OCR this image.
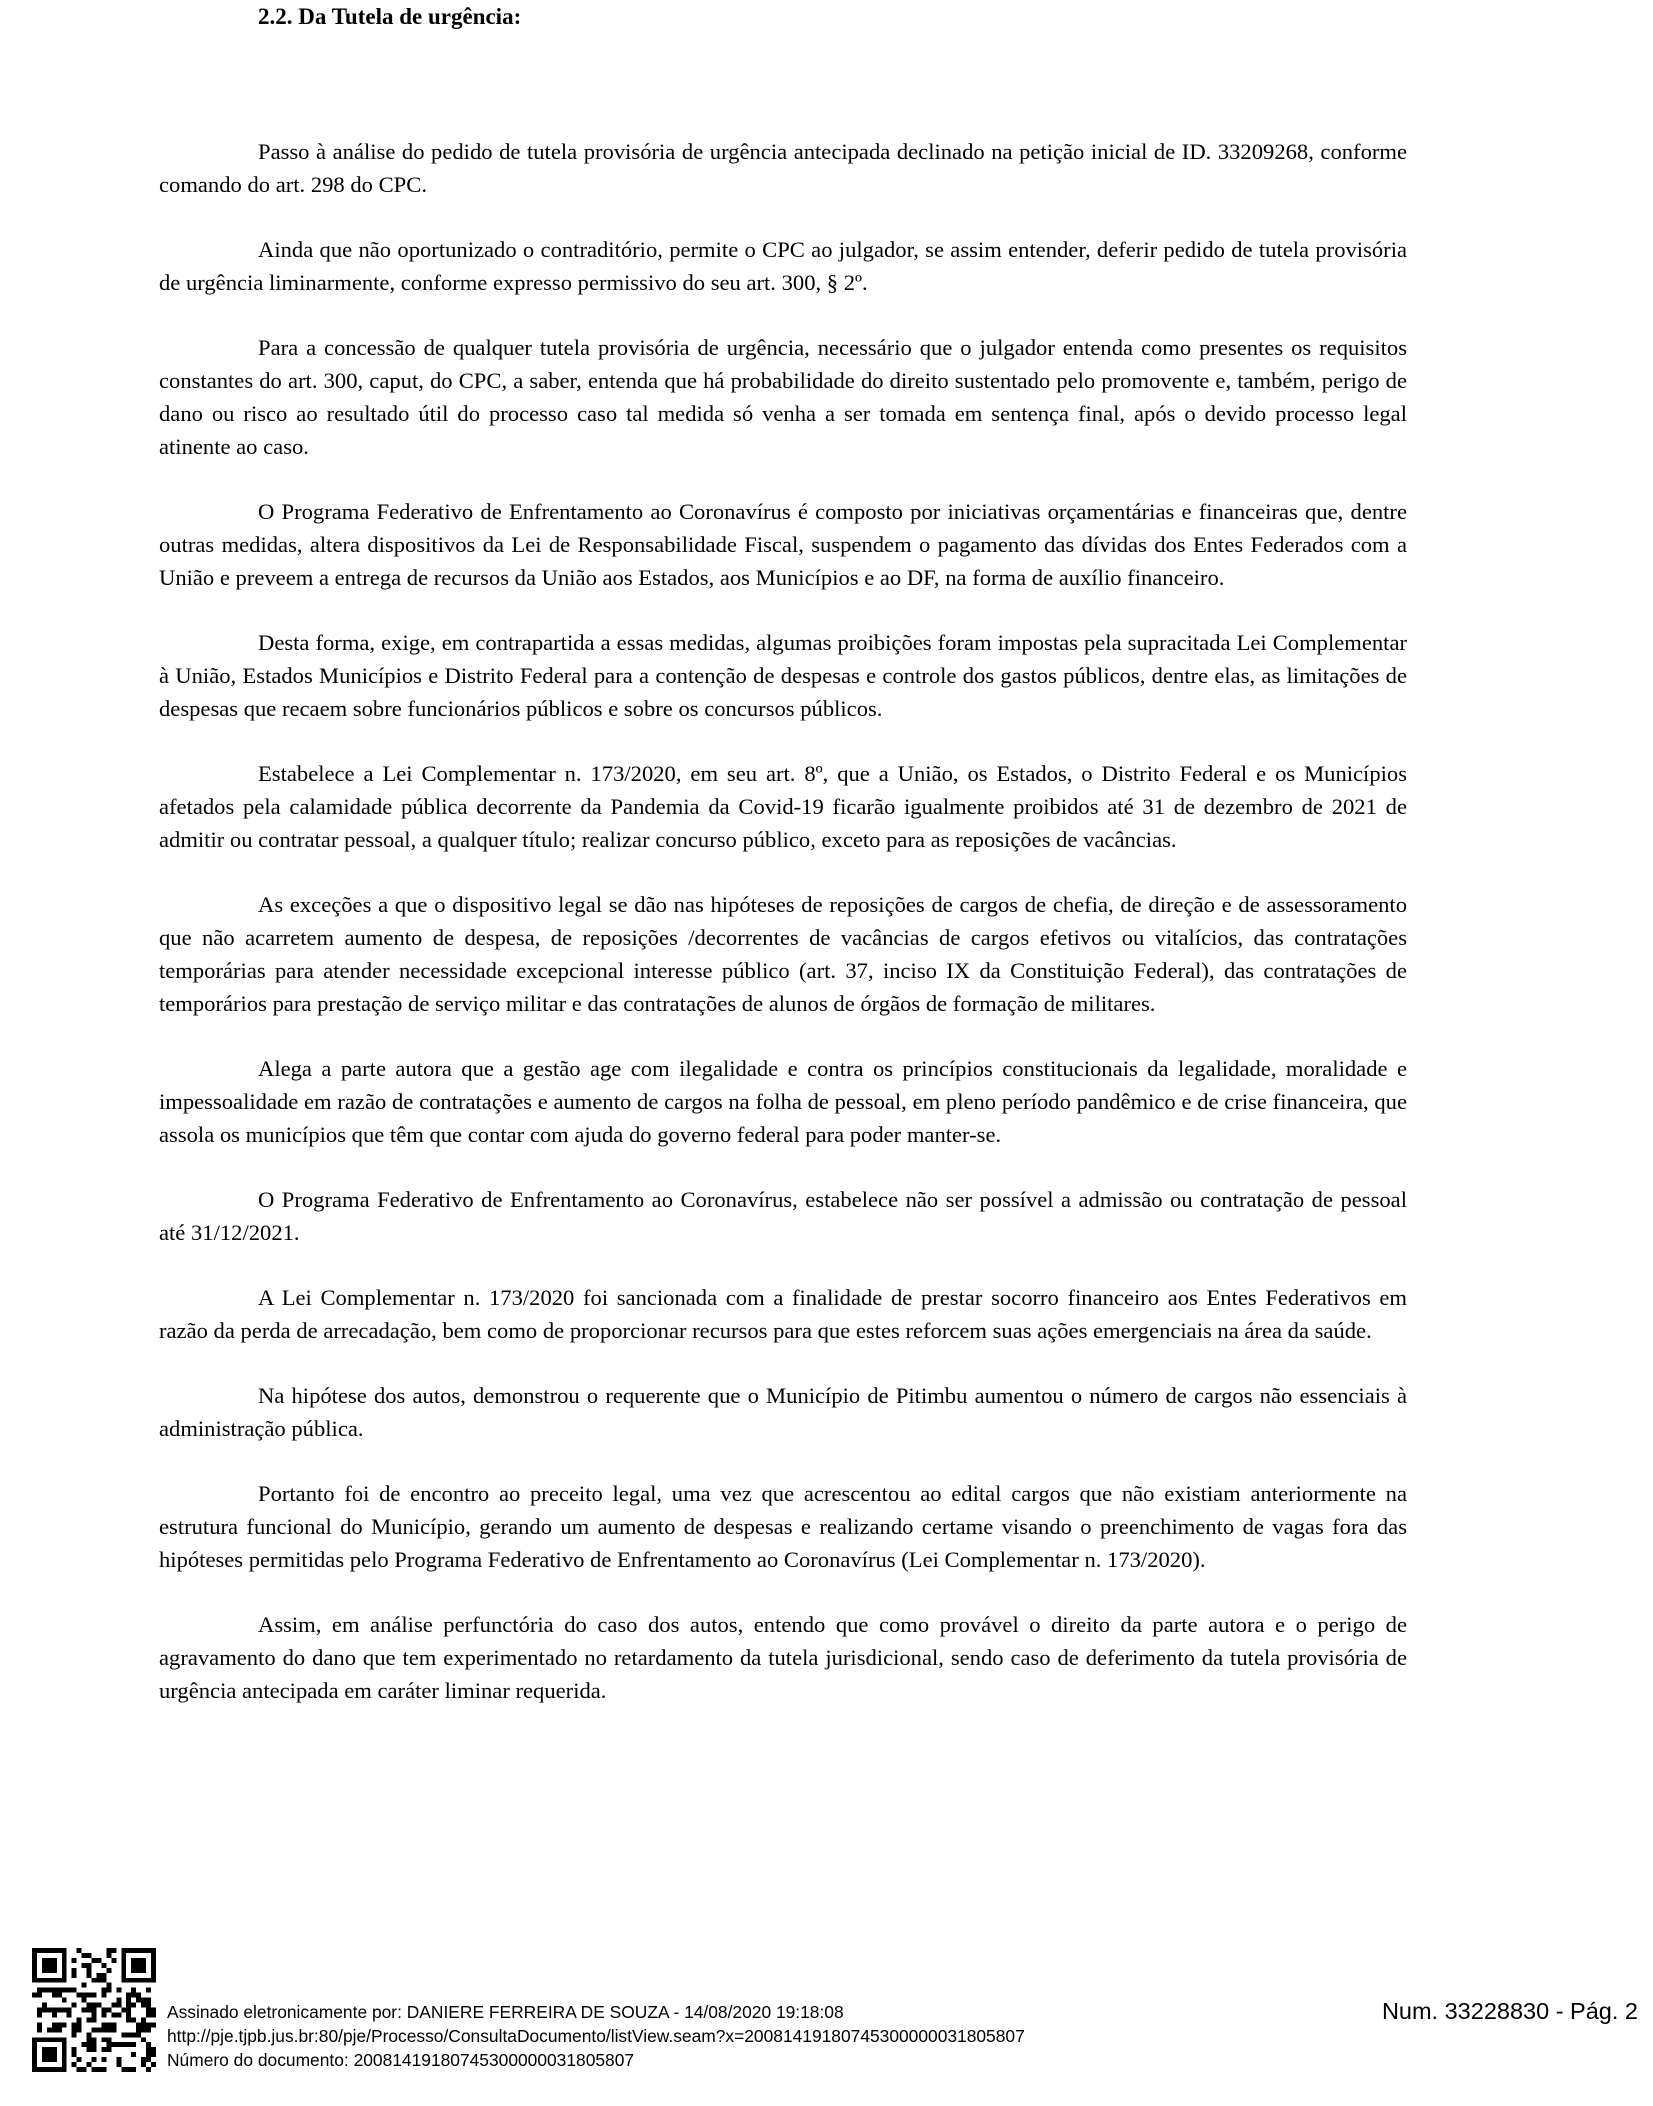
2.2. Da Tutela de urgência:

Passo à análise do pedido de tutela provisória de urgência antecipada declinado na petição inicial de ID. 33209268, conforme comando do art. 298 do CPC.

Ainda que não oportunizado o contraditório, permite o CPC ao julgador, se assim entender, deferir pedido de tutela provisória de urgência liminarmente, conforme expresso permissivo do seu art. 300, § 2º.

Para a concessão de qualquer tutela provisória de urgência, necessário que o julgador entenda como presentes os requisitos constantes do art. 300, caput, do CPC, a saber, entenda que há probabilidade do direito sustentado pelo promovente e, também, perigo de dano ou risco ao resultado útil do processo caso tal medida só venha a ser tomada em sentença final, após o devido processo legal atinente ao caso.

O Programa Federativo de Enfrentamento ao Coronavírus é composto por iniciativas orçamentárias e financeiras que, dentre outras medidas, altera dispositivos da Lei de Responsabilidade Fiscal, suspendem o pagamento das dívidas dos Entes Federados com a União e preveem a entrega de recursos da União aos Estados, aos Municípios e ao DF, na forma de auxílio financeiro.

Desta forma, exige, em contrapartida a essas medidas, algumas proibições foram impostas pela supracitada Lei Complementar à União, Estados Municípios e Distrito Federal para a contenção de despesas e controle dos gastos públicos, dentre elas, as limitações de despesas que recaem sobre funcionários públicos e sobre os concursos públicos.

Estabelece a Lei Complementar n. 173/2020, em seu art. 8º, que a União, os Estados, o Distrito Federal e os Municípios afetados pela calamidade pública decorrente da Pandemia da Covid-19 ficarão igualmente proibidos até 31 de dezembro de 2021 de admitir ou contratar pessoal, a qualquer título; realizar concurso público, exceto para as reposições de vacâncias.

As exceções a que o dispositivo legal se dão nas hipóteses de reposições de cargos de chefia, de direção e de assessoramento que não acarretem aumento de despesa, de reposições /decorrentes de vacâncias de cargos efetivos ou vitalícios, das contratações temporárias para atender necessidade excepcional interesse público (art. 37, inciso IX da Constituição Federal), das contratações de temporários para prestação de serviço militar e das contratações de alunos de órgãos de formação de militares.

Alega a parte autora que a gestão age com ilegalidade e contra os princípios constitucionais da legalidade, moralidade e impessoalidade em razão de contratações e aumento de cargos na folha de pessoal, em pleno período pandêmico e de crise financeira, que assola os municípios que têm que contar com ajuda do governo federal para poder manter-se.

O Programa Federativo de Enfrentamento ao Coronavírus, estabelece não ser possível a admissão ou contratação de pessoal até 31/12/2021.

A Lei Complementar n. 173/2020 foi sancionada com a finalidade de prestar socorro financeiro aos Entes Federativos em razão da perda de arrecadação, bem como de proporcionar recursos para que estes reforcem suas ações emergenciais na área da saúde.

Na hipótese dos autos, demonstrou o requerente que o Município de Pitimbu aumentou o número de cargos não essenciais à administração pública.

Portanto foi de encontro ao preceito legal, uma vez que acrescentou ao edital cargos que não existiam anteriormente na estrutura funcional do Município, gerando um aumento de despesas e realizando certame visando o preenchimento de vagas fora das hipóteses permitidas pelo Programa Federativo de Enfrentamento ao Coronavírus (Lei Complementar n. 173/2020).

Assim, em análise perfunctória do caso dos autos, entendo que como provável o direito da parte autora e o perigo de agravamento do dano que tem experimentado no retardamento da tutela jurisdicional, sendo caso de deferimento da tutela provisória de urgência antecipada em caráter liminar requerida.

Assinado eletronicamente por: DANIERE FERREIRA DE SOUZA - 14/08/2020 19:18:08
http://pje.tjpb.jus.br:80/pje/Processo/ConsultaDocumento/listView.seam?x=20081419180745300000031805807
Número do documento: 20081419180745300000031805807
Num. 33228830 - Pág. 2
